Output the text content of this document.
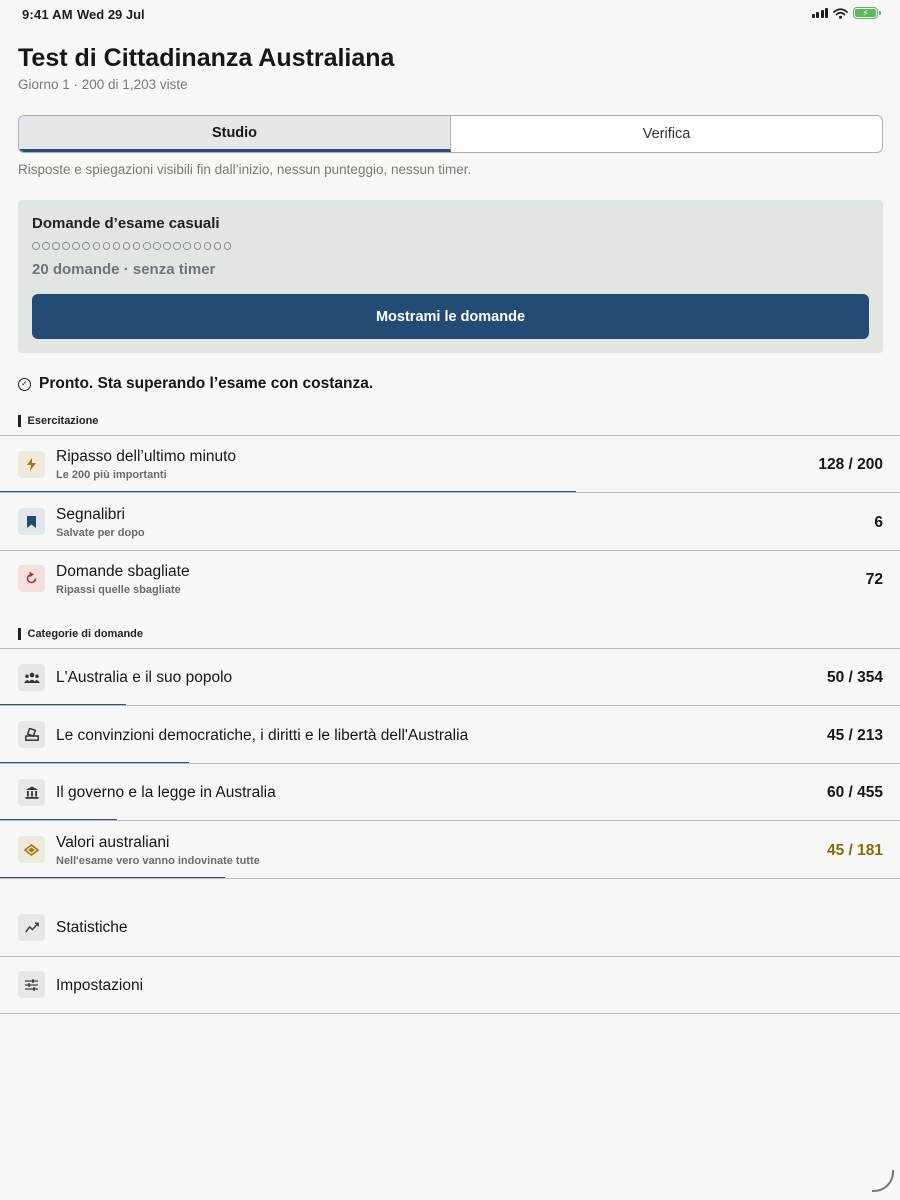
9:41 AM Wed 29 Jul	⚡
Test di Cittadinanza Australiana
Giorno 1 · 200 di 1,203 viste
Studio	Verifica
Risposte e spiegazioni visibili fin dall’inizio, nessun punteggio, nessun timer.
Domande d’esame casuali
20 domande · senza timer
Mostrami le domande
✓ Pronto. Sta superando l’esame con costanza.
Esercitazione
Ripasso dell’ultimo minuto
Le 200 più importanti
128 / 200
Segnalibri
Salvate per dopo
6
Domande sbagliate
Ripassi quelle sbagliate
72
Categorie di domande
L'Australia e il suo popolo	50 / 354
Le convinzioni democratiche, i diritti e le libertà dell'Australia	45 / 213
Il governo e la legge in Australia	60 / 455
Valori australiani
Nell'esame vero vanno indovinate tutte
45 / 181
Statistiche
Impostazioni
